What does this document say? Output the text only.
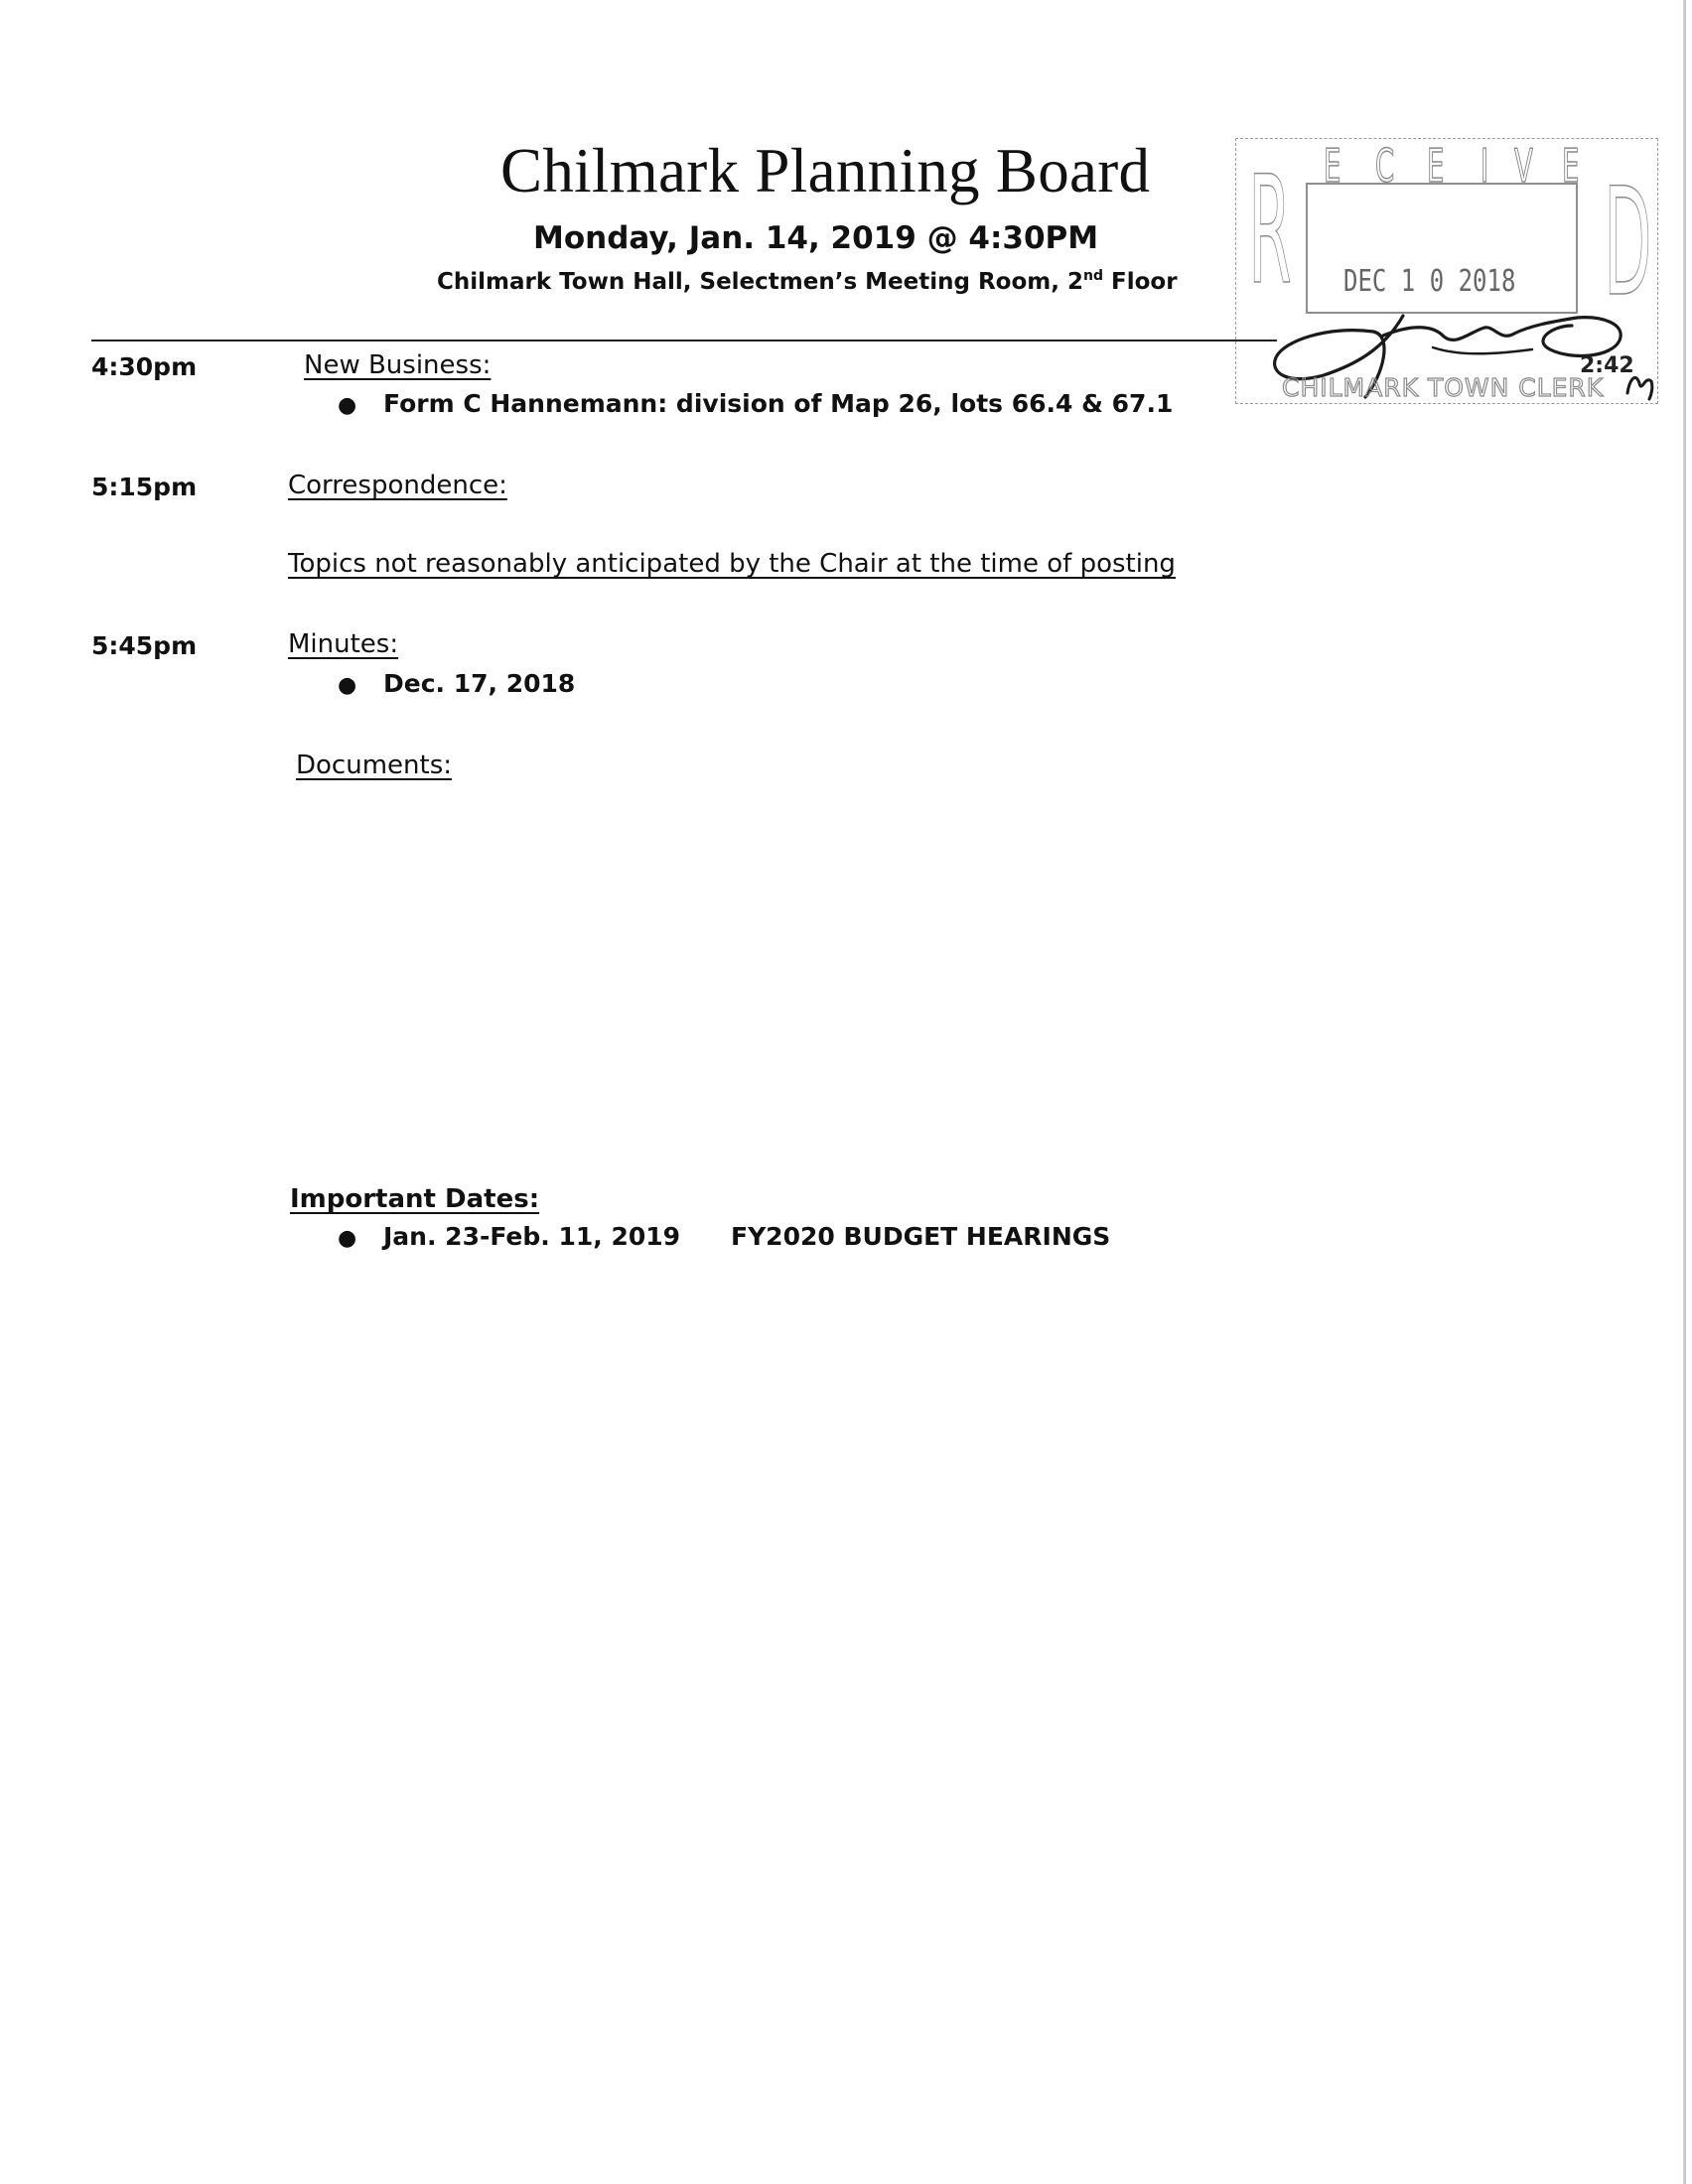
Chilmark Planning Board
Monday, Jan. 14, 2019 @ 4:30PM
Chilmark Town Hall, Selectmen’s Meeting Room, 2nd Floor R E C E I V E D
DEC 1 0 2018
2:42
CHILMARK TOWN CLERK
4:30pm	New Business:
● Form C Hannemann: division of Map 26, lots 66.4 & 67.1
5:15pm	Correspondence:
Topics not reasonably anticipated by the Chair at the time of posting
5:45pm	Minutes:
● Dec. 17, 2018
Documents:
Important Dates:
● Jan. 23-Feb. 11, 2019 FY2020 BUDGET HEARINGS
